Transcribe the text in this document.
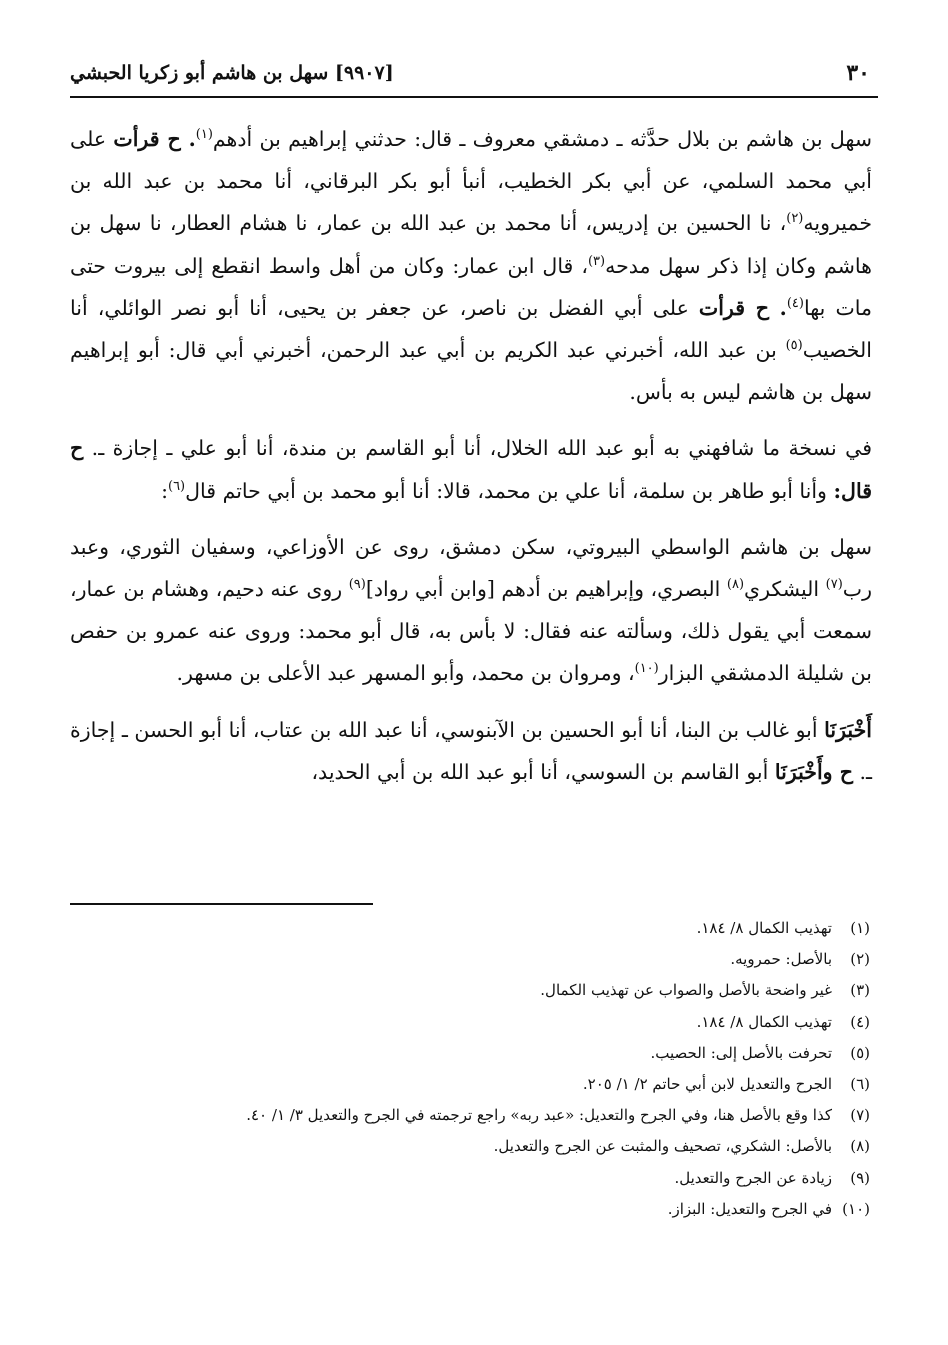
٣٠
[٩٩٠٧] سهل بن هاشم أبو زكريا الحبشي

سهل بن هاشم بن بلال حدَّثه ـ دمشقي معروف ـ قال: حدثني إبراهيم بن أدهم$^{(١)}$. ح قرأت على أبي محمد السلمي، عن أبي بكر الخطيب، أنبأ أبو بكر البرقاني، أنا محمد بن عبد الله بن خميرويه$^{(٢)}$، نا الحسين بن إدريس، أنا محمد بن عبد الله بن عمار، نا هشام العطار، نا سهل بن هاشم وكان إذا ذكر سهل مدحه$^{(٣)}$، قال ابن عمار: وكان من أهل واسط انقطع إلى بيروت حتى مات بها$^{(٤)}$. ح قرأت على أبي الفضل بن ناصر، عن جعفر بن يحيى، أنا أبو نصر الوائلي، أنا الخصيب$^{(٥)}$ بن عبد الله، أخبرني عبد الكريم بن أبي عبد الرحمن، أخبرني أبي قال: أبو إبراهيم سهل بن هاشم ليس به بأس.

في نسخة ما شافهني به أبو عبد الله الخلال، أنا أبو القاسم بن مندة، أنا أبو علي ـ إجازة ـ. ح قال: وأنا أبو طاهر بن سلمة، أنا علي بن محمد، قالا: أنا أبو محمد بن أبي حاتم قال$^{(٦)}$:

سهل بن هاشم الواسطي البيروتي، سكن دمشق، روى عن الأوزاعي، وسفيان الثوري، وعبد رب$^{(٧)}$ اليشكري$^{(٨)}$ البصري، وإبراهيم بن أدهم [وابن أبي رواد]$^{(٩)}$ روى عنه دحيم، وهشام بن عمار، سمعت أبي يقول ذلك، وسألته عنه فقال: لا بأس به، قال أبو محمد: وروى عنه عمرو بن حفص بن شليلة الدمشقي البزار$^{(١٠)}$، ومروان بن محمد، وأبو المسهر عبد الأعلى بن مسهر.

أَخْبَرَنَا أبو غالب بن البنا، أنا أبو الحسين بن الآبنوسي، أنا عبد الله بن عتاب، أنا أبو الحسن ـ إجازة ـ. ح وأَخْبَرَنَا أبو القاسم بن السوسي، أنا أبو عبد الله بن أبي الحديد،

(١)تهذيب الكمال ٨/ ١٨٤.
(٢)بالأصل: حمرويه.
(٣)غير واضحة بالأصل والصواب عن تهذيب الكمال.
(٤)تهذيب الكمال ٨/ ١٨٤.
(٥)تحرفت بالأصل إلى: الحصيب.
(٦)الجرح والتعديل لابن أبي حاتم ٢/ ١/ ٢٠٥.
(٧)كذا وقع بالأصل هنا، وفي الجرح والتعديل: «عبد ربه» راجع ترجمته في الجرح والتعديل ٣/ ١/ ٤٠.
(٨)بالأصل: الشكري، تصحيف والمثبت عن الجرح والتعديل.
(٩)زيادة عن الجرح والتعديل.
(١٠)في الجرح والتعديل: البزاز.
